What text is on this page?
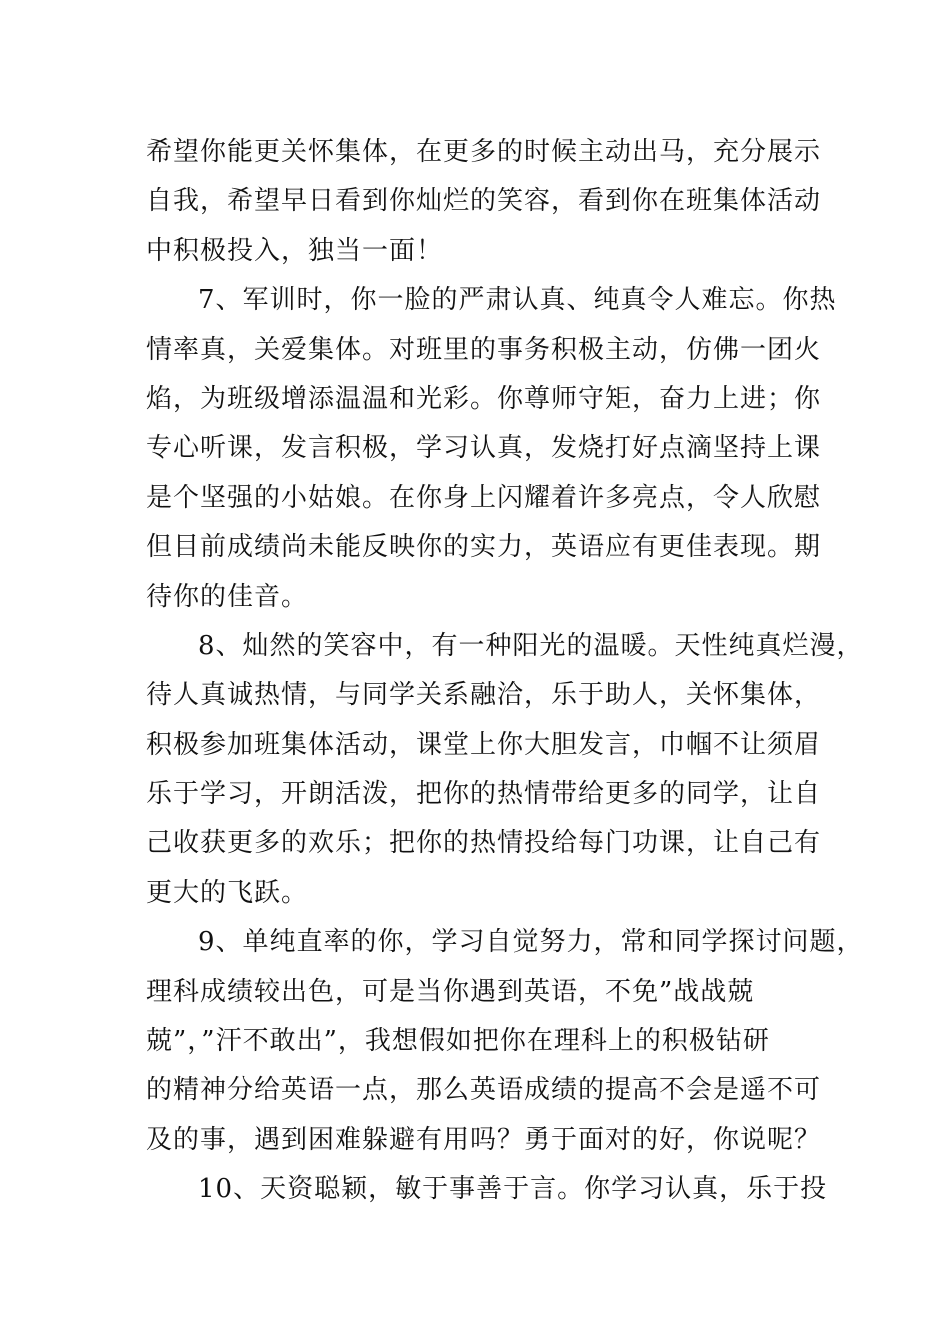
希望你能更关怀集体，在更多的时候主动出马，充分展示
自我，希望早日看到你灿烂的笑容，看到你在班集体活动
中积极投入，独当一面！
7、军训时，你一脸的严肃认真、纯真令人难忘。你热
情率真，关爱集体。对班里的事务积极主动，仿佛一团火
焰，为班级增添温温和光彩。你尊师守矩，奋力上进；你
专心听课，发言积极，学习认真，发烧打好点滴坚持上课
是个坚强的小姑娘。在你身上闪耀着许多亮点，令人欣慰
但目前成绩尚未能反映你的实力，英语应有更佳表现。期
待你的佳音。
8、灿然的笑容中，有一种阳光的温暖。天性纯真烂漫，
待人真诚热情，与同学关系融洽，乐于助人，关怀集体，
积极参加班集体活动，课堂上你大胆发言，巾帼不让须眉
乐于学习，开朗活泼，把你的热情带给更多的同学，让自
己收获更多的欢乐；把你的热情投给每门功课，让自己有
更大的飞跃。
9、单纯直率的你，学习自觉努力，常和同学探讨问题，
理科成绩较出色，可是当你遇到英语，不免”战战兢
兢”，”汗不敢出”，我想假如把你在理科上的积极钻研
的精神分给英语一点，那么英语成绩的提高不会是遥不可
及的事，遇到困难躲避有用吗？勇于面对的好，你说呢？
10、天资聪颖，敏于事善于言。你学习认真，乐于投
